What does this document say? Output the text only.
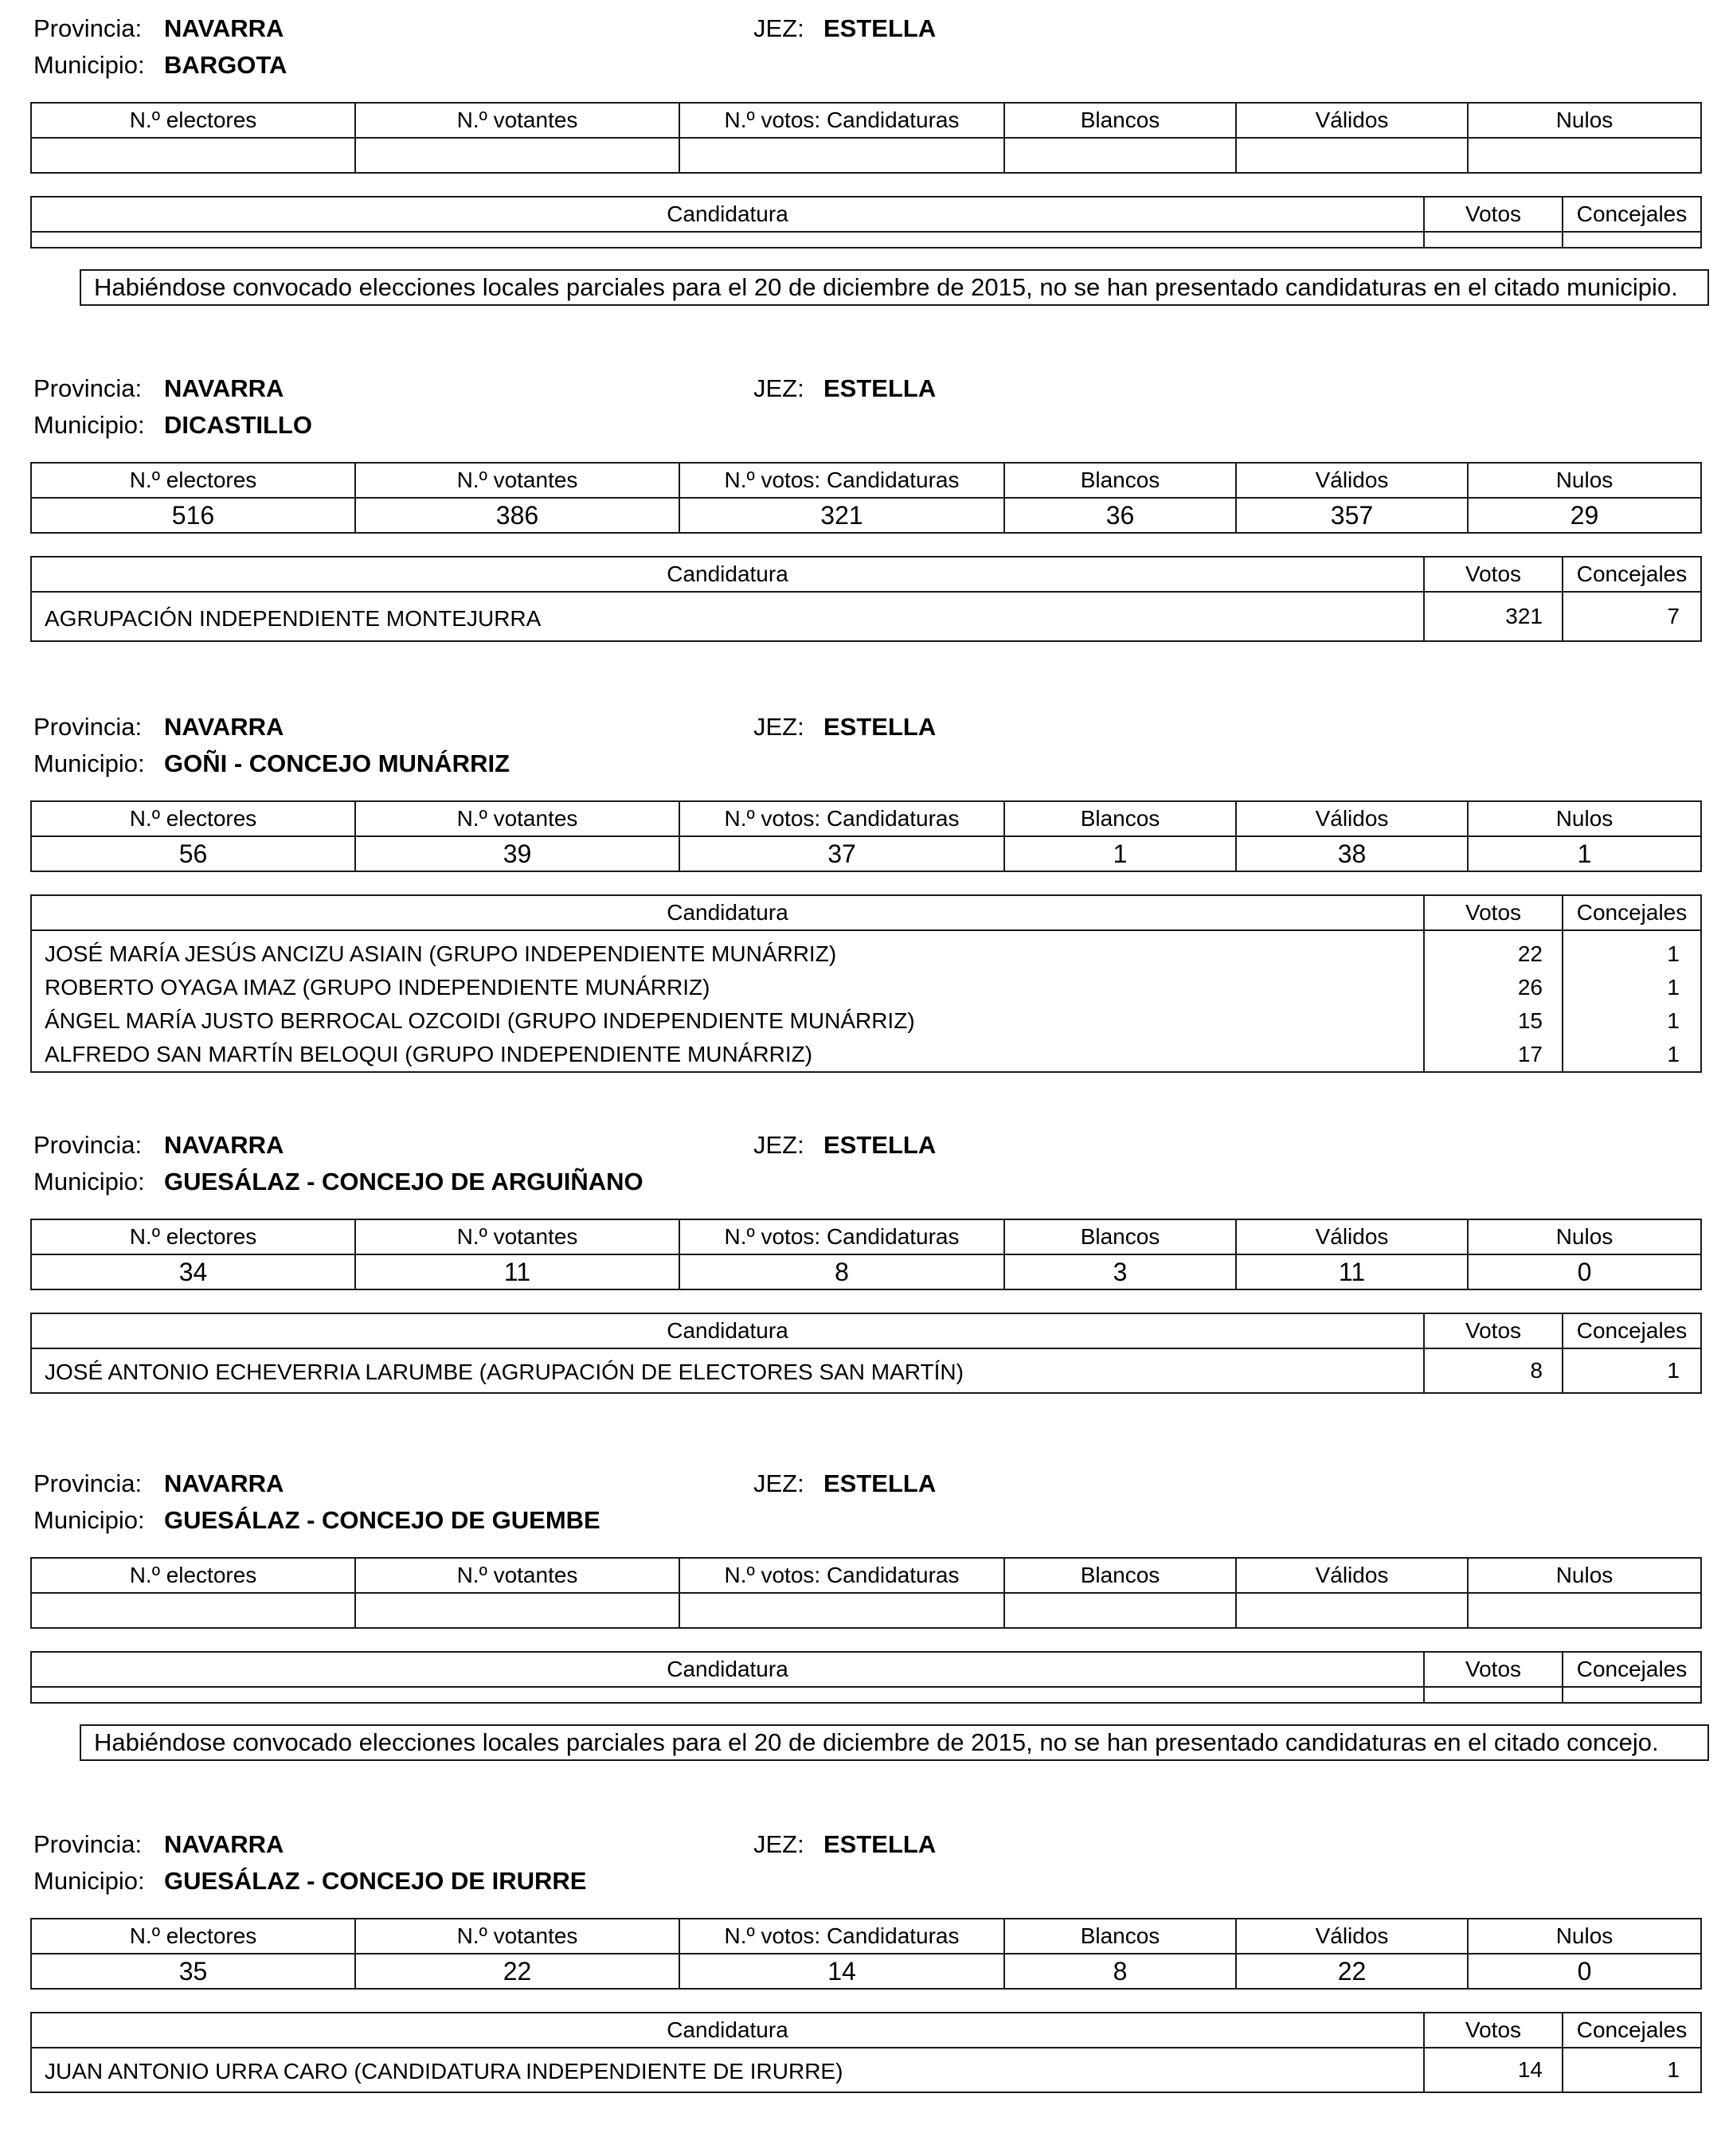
Provincia: NAVARRA	JEZ: ESTELLA
Municipio: BARGOTA
N.º electores	N.º votantes	N.º votos: Candidaturas	Blancos	Válidos	Nulos

Candidatura	Votos	Concejales

Habiéndose convocado elecciones locales parciales para el 20 de diciembre de 2015, no se han presentado candidaturas en el citado municipio.
Provincia: NAVARRA	JEZ: ESTELLA
Municipio: DICASTILLO
N.º electores	N.º votantes	N.º votos: Candidaturas	Blancos	Válidos	Nulos
516	386	321	36	357	29
Candidatura	Votos	Concejales
AGRUPACIÓN INDEPENDIENTE MONTEJURRA	321	7
Provincia: NAVARRA	JEZ: ESTELLA
Municipio: GOÑI - CONCEJO MUNÁRRIZ
N.º electores	N.º votantes	N.º votos: Candidaturas	Blancos	Válidos	Nulos
56	39	37	1	38	1
Candidatura	Votos	Concejales
JOSÉ MARÍA JESÚS ANCIZU ASIAIN (GRUPO INDEPENDIENTE MUNÁRRIZ)	22	1
ROBERTO OYAGA IMAZ (GRUPO INDEPENDIENTE MUNÁRRIZ)	26	1
ÁNGEL MARÍA JUSTO BERROCAL OZCOIDI (GRUPO INDEPENDIENTE MUNÁRRIZ)	15	1
ALFREDO SAN MARTÍN BELOQUI (GRUPO INDEPENDIENTE MUNÁRRIZ)	17	1
Provincia: NAVARRA	JEZ: ESTELLA
Municipio: GUESÁLAZ - CONCEJO DE ARGUIÑANO
N.º electores	N.º votantes	N.º votos: Candidaturas	Blancos	Válidos	Nulos
34	11	8	3	11	0
Candidatura	Votos	Concejales
JOSÉ ANTONIO ECHEVERRIA LARUMBE (AGRUPACIÓN DE ELECTORES SAN MARTÍN)	8	1
Provincia: NAVARRA	JEZ: ESTELLA
Municipio: GUESÁLAZ - CONCEJO DE GUEMBE
N.º electores	N.º votantes	N.º votos: Candidaturas	Blancos	Válidos	Nulos

Candidatura	Votos	Concejales

Habiéndose convocado elecciones locales parciales para el 20 de diciembre de 2015, no se han presentado candidaturas en el citado concejo.
Provincia: NAVARRA	JEZ: ESTELLA
Municipio: GUESÁLAZ - CONCEJO DE IRURRE
N.º electores	N.º votantes	N.º votos: Candidaturas	Blancos	Válidos	Nulos
35	22	14	8	22	0
Candidatura	Votos	Concejales
JUAN ANTONIO URRA CARO (CANDIDATURA INDEPENDIENTE DE IRURRE)	14	1
